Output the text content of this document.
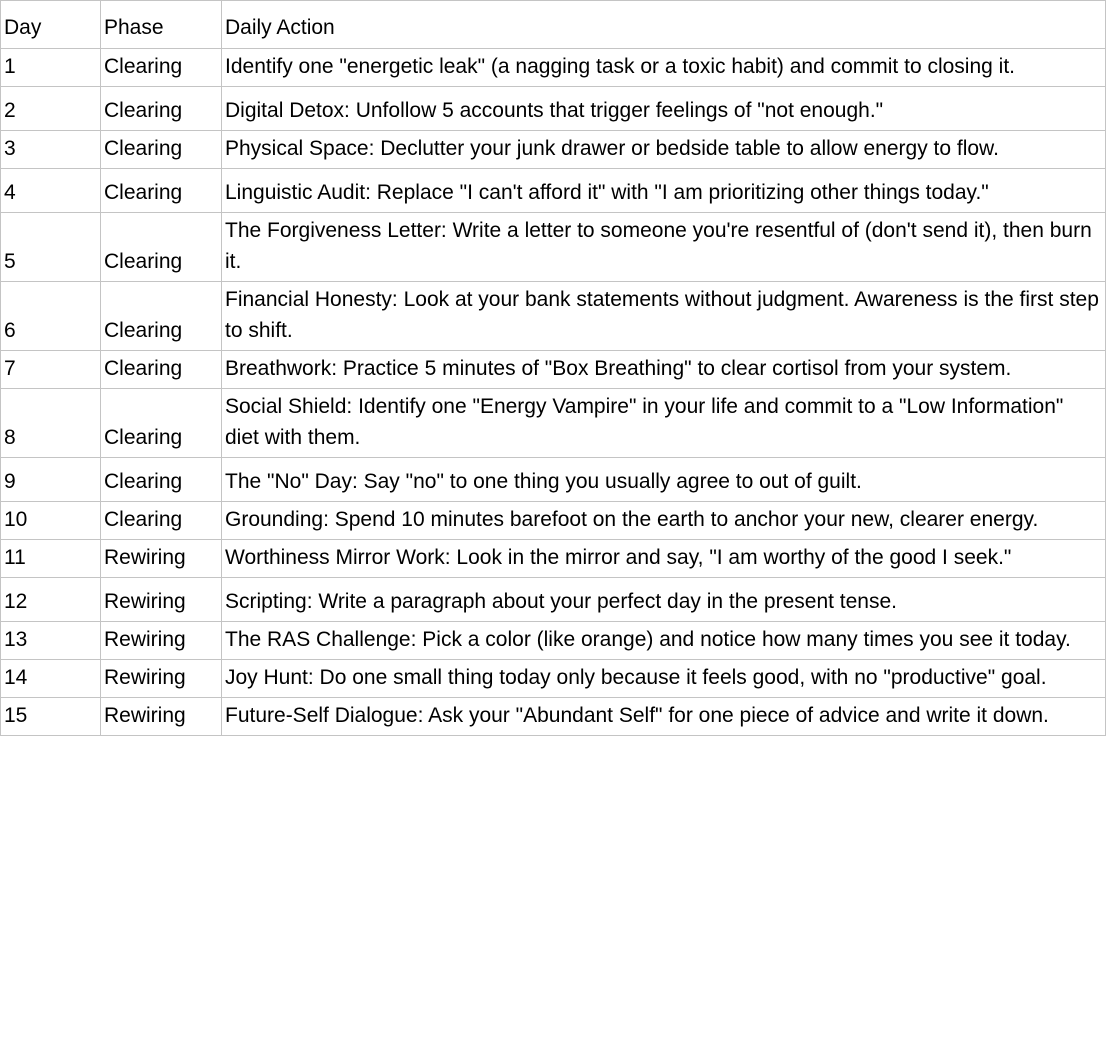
Day	Phase	Daily Action
1	Clearing	Identify one "energetic leak" (a nagging task or a toxic habit) and commit to closing it.
2	Clearing	Digital Detox: Unfollow 5 accounts that trigger feelings of "not enough."
3	Clearing	Physical Space: Declutter your junk drawer or bedside table to allow energy to flow.
4	Clearing	Linguistic Audit: Replace "I can't afford it" with "I am prioritizing other things today."
5	Clearing	The Forgiveness Letter: Write a letter to someone you're resentful of (don't send it), then burn it.
6	Clearing	Financial Honesty: Look at your bank statements without judgment. Awareness is the first step to shift.
7	Clearing	Breathwork: Practice 5 minutes of "Box Breathing" to clear cortisol from your system.
8	Clearing	Social Shield: Identify one "Energy Vampire" in your life and commit to a "Low Information" diet with them.
9	Clearing	The "No" Day: Say "no" to one thing you usually agree to out of guilt.
10	Clearing	Grounding: Spend 10 minutes barefoot on the earth to anchor your new, clearer energy.
11	Rewiring	Worthiness Mirror Work: Look in the mirror and say, "I am worthy of the good I seek."
12	Rewiring	Scripting: Write a paragraph about your perfect day in the present tense.
13	Rewiring	The RAS Challenge: Pick a color (like orange) and notice how many times you see it today.
14	Rewiring	Joy Hunt: Do one small thing today only because it feels good, with no "productive" goal.
15	Rewiring	Future-Self Dialogue: Ask your "Abundant Self" for one piece of advice and write it down.
